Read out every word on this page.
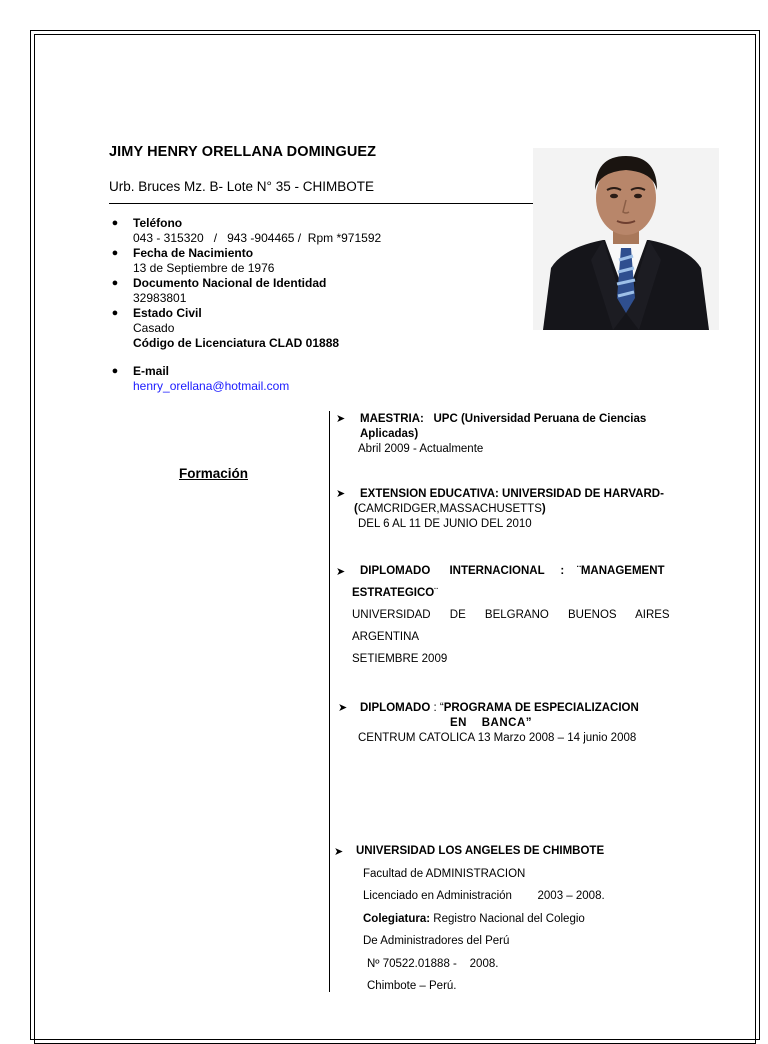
JIMY HENRY ORELLANA DOMINGUEZ
Urb. Bruces Mz. B- Lote N° 35 - CHIMBOTE
● Teléfono
043 - 315320   /   943 -904465 /  Rpm *971592
● Fecha de Nacimiento
13 de Septiembre de 1976
● Documento Nacional de Identidad
32983801
● Estado Civil
Casado
Código de Licenciatura CLAD 01888
● E-mail
henry_orellana@hotmail.com
Formación
➤ MAESTRIA:   UPC (Universidad Peruana de Ciencias
Aplicadas)
Abril 2009 - Actualmente
➤ EXTENSION EDUCATIVA: UNIVERSIDAD DE HARVARD-
(CAMCRIDGER,MASSACHUSETTS)
DEL 6 AL 11 DE JUNIO DEL 2010
➤ DIPLOMADO      INTERNACIONAL     :    ¨MANAGEMENT
ESTRATEGICO¨
UNIVERSIDAD      DE      BELGRANO      BUENOS      AIRES
ARGENTINA
SETIEMBRE 2009
➤	DIPLOMADO : “PROGRAMA DE ESPECIALIZACION
EN    BANCA”
CENTRUM CATOLICA 13 Marzo 2008 – 14 junio 2008
➤ UNIVERSIDAD LOS ANGELES DE CHIMBOTE
Facultad de ADMINISTRACION
Licenciado en Administración        2003 – 2008.
Colegiatura: Registro Nacional del Colegio
De Administradores del Perú
Nº 70522.01888 -    2008.
Chimbote – Perú.
